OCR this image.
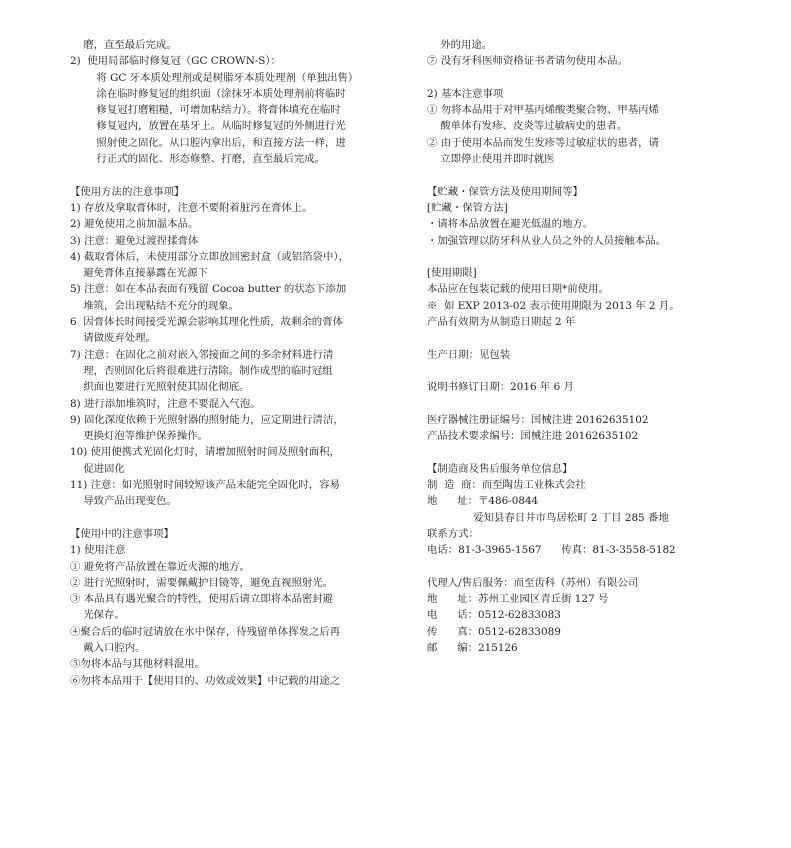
磨，直至最后完成。

2)  使用局部临时修复冠（GC CROWN-S）：

将 GC 牙本质处理剂或是树脂牙本质处理剂（单独出售）

涂在临时修复冠的组织面（涂抹牙本质处理剂前将临时

修复冠打磨粗糙，可增加粘结力）。将膏体填充在临时

修复冠内，放置在基牙上。从临时修复冠的外侧进行光

照射使之固化。从口腔内拿出后，和直接方法一样，进

行正式的固化、形态修整、打磨，直至最后完成。

【使用方法的注意事项】

1) 存放及拿取膏体时，注意不要附着脏污在膏体上。

2) 避免使用之前加温本品。

3) 注意：避免过渡捏揉膏体

4) 截取膏体后，未使用部分立即放回密封盒（或铝箔袋中），

避免膏体直接暴露在光源下

5) 注意：如在本品表面有残留 Cocoa butter 的状态下添加

堆筑，会出现粘结不充分的现象。

6  因膏体长时间接受光源会影响其理化性质，故剩余的膏体

请做废弃处理。

7) 注意：在固化之前对嵌入邻接面之间的多余材料进行清

理，否则固化后将很难进行清除。制作成型的临时冠组

织面也要进行光照射使其固化彻底。

8) 进行添加堆筑时，注意不要混入气泡。

9) 固化深度依赖于光照射器的照射能力，应定期进行清洁，

更换灯泡等维护保养操作。

10) 使用便携式光固化灯时，请增加照射时间及照射面积，

促进固化

11) 注意：如光照射时间较短该产品未能完全固化时，容易

导致产品出现变色。

【使用中的注意事项】

1) 使用注意

① 避免将产品放置在靠近火源的地方。

② 进行光照射时，需要佩戴护目镜等，避免直视照射光。

③ 本品具有遇光聚合的特性，使用后请立即将本品密封避

光保存。

④聚合后的临时冠请放在水中保存，待残留单体挥发之后再

戴入口腔内。

⑤勿将本品与其他材料混用。

⑥勿将本品用于【使用目的、功效或效果】中记载的用途之

外的用途。

⑦ 没有牙科医师资格证书者请勿使用本品。

2) 基本注意事项

① 勿将本品用于对甲基丙烯酸类聚合物、甲基丙烯

酸单体有发疹、皮炎等过敏病史的患者。

② 由于使用本品而发生发疹等过敏症状的患者，请

立即停止使用并即时就医

【贮藏・保管方法及使用期间等】

[贮藏・保管方法]

・请将本品放置在避光低温的地方。

・加强管理以防牙科从业人员之外的人员接触本品。

[使用期限]

本品应在包装记载的使用日期*前使用。

※  如 EXP 2013-02 表示使用期限为 2013 年 2 月。

产品有效期为从制造日期起 2 年

生产日期：见包装

说明书修订日期：2016 年 6 月

医疗器械注册证编号：国械注进 20162635102

产品技术要求编号：国械注进 20162635102

【制造商及售后服务单位信息】

制  造  商：而至陶齿工业株式会社

地      址：〒486-0844

爱知县春日井市鸟居松町 2 丁目 285 番地

联系方式：

电话：81-3-3965-1567      传真：81-3-3558-5182

代理人/售后服务：而至齿科（苏州）有限公司

地      址：苏州工业园区青丘街 127 号

电      话：0512-62833083

传      真：0512-62833089

邮      编：215126
